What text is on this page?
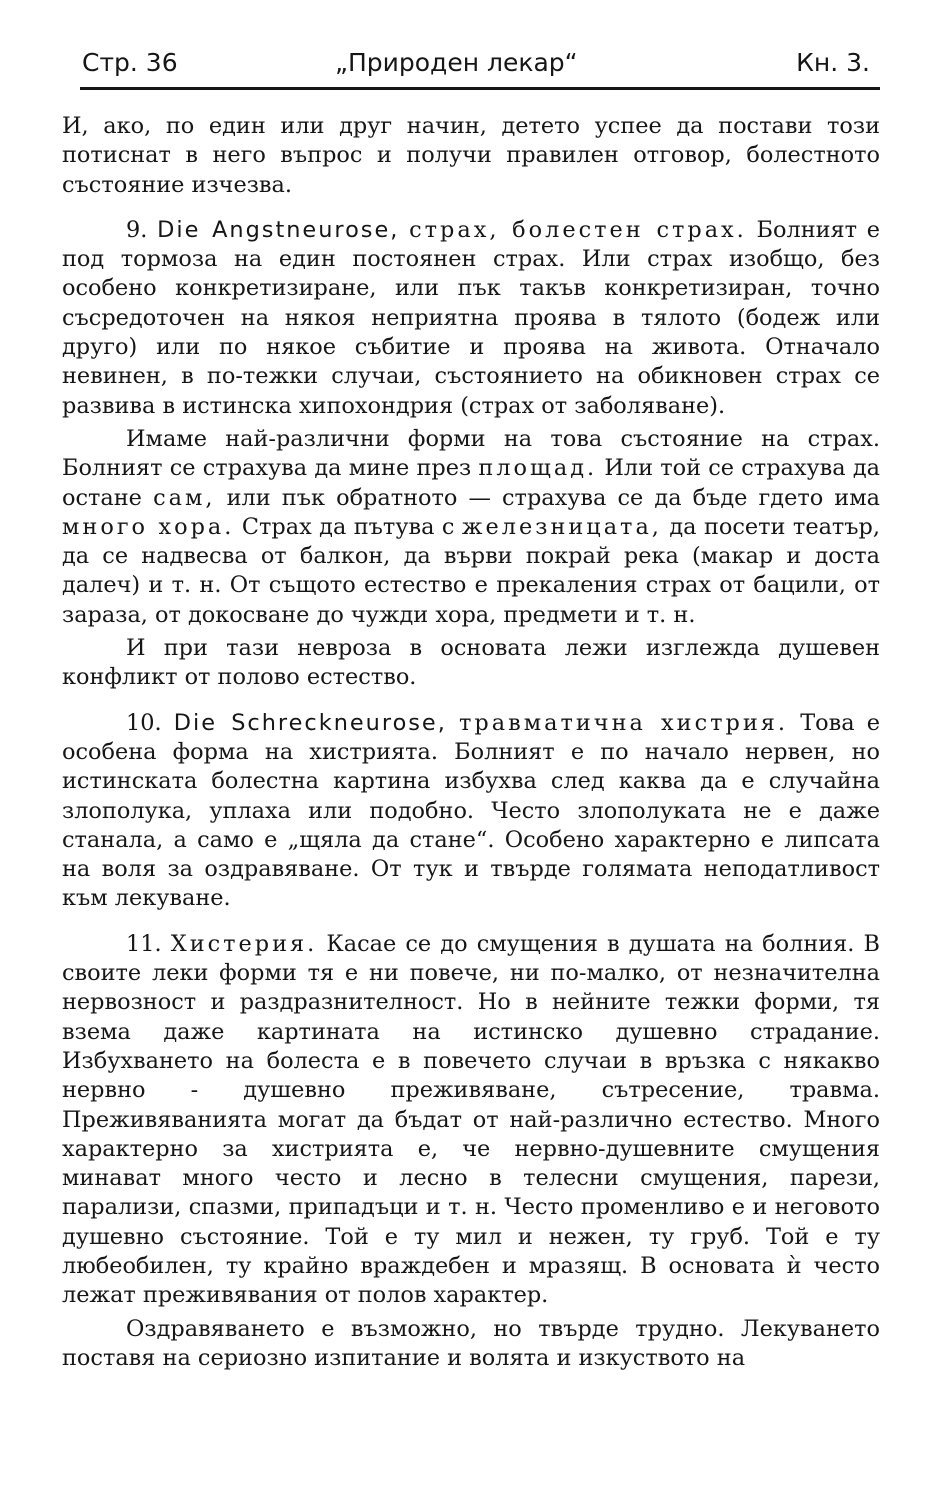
Стр. 36	„Природен лекар“	Кн. 3.

И, ако, по един или друг начин, детето успее да постави този потиснат в него въпрос и получи правилен отговор, болестното състояние изчезва.

9. Die Angstneurose, страх, болестен страх. Болният е под тормоза на един постоянен страх. Или страх изобщо, без особено конкретизиране, или пък такъв конкретизиран, точно съсредоточен на някоя неприятна проява в тялото (бодеж или друго) или по някое събитие и проява на живота. Отначало невинен, в по-тежки случаи, състоянието на обикновен страх се развива в истинска хипохондрия (страх от заболяване).

Имаме най-различни форми на това състояние на страх. Болният се страхува да мине през площад. Или той се страхува да остане сам, или пък обратното — страхува се да бъде гдето има много хора. Страх да пътува с железницата, да посети театър, да се надвесва от балкон, да върви покрай река (макар и доста далеч) и т. н. От същото естество е прекаления страх от бацили, от зараза, от докосване до чужди хора, предмети и т. н.

И при тази невроза в основата лежи изглежда душевен конфликт от полово естество.

10. Die Schreckneurose, травматична хистрия. Това е особена форма на хистрията. Болният е по начало нервен, но истинската болестна картина избухва след каква да е случайна злополука, уплаха или подобно. Често злополуката не е даже станала, а само е „щяла да стане“. Особено характерно е липсата на воля за оздравяване. От тук и твърде голямата неподатливост към лекуване.

11. Хистерия. Касае се до смущения в душата на болния. В своите леки форми тя е ни повече, ни по-малко, от незначителна нервозност и раздразнителност. Но в нейните тежки форми, тя взема даже картината на истинско душевно страдание. Избухването на болеста е в повечето случаи в връзка с някакво нервно - душевно преживяване, сътресение, травма. Преживяванията могат да бъдат от най-различно естество. Много характерно за хистрията е, че нервно-душевните смущения минават много често и лесно в телесни смущения, парези, парализи, спазми, припадъци и т. н. Често променливо е и неговото душевно състояние. Той е ту мил и нежен, ту груб. Той е ту любеобилен, ту крайно враждебен и мразящ. В основата ѝ често лежат преживявания от полов характер.

Оздравяването е възможно, но твърде трудно. Лекуването поставя на сериозно изпитание и волята и изкуството на
